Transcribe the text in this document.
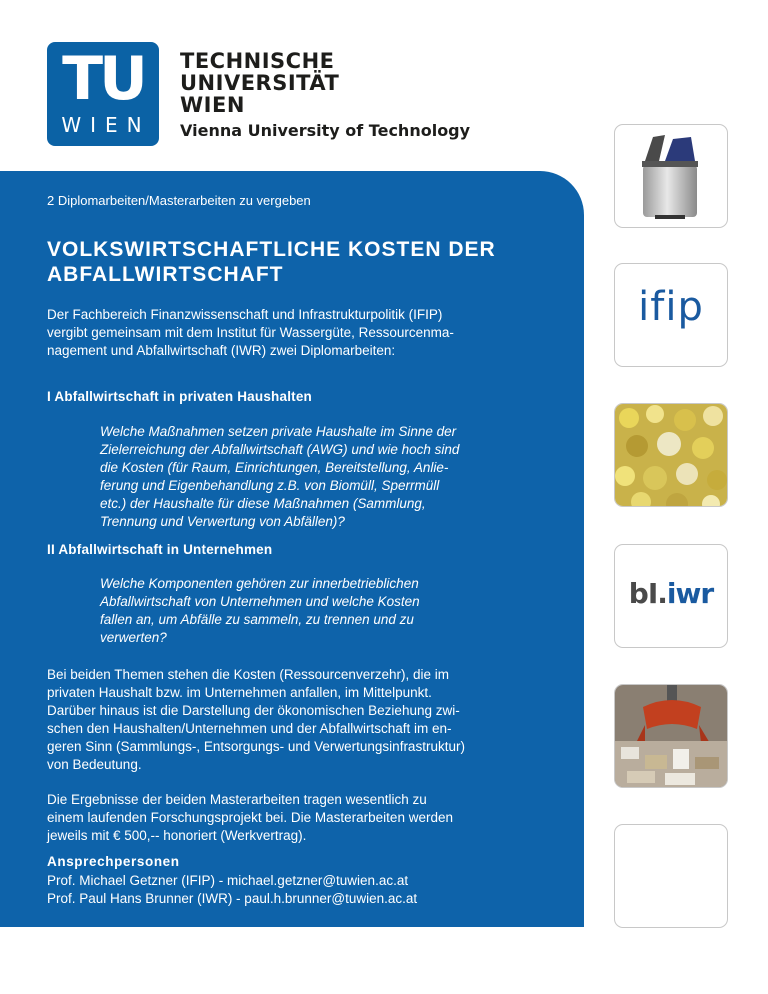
TU
WIEN
TECHNISCHE
UNIVERSITÄT
WIEN
Vienna University of Technology
2 Diplomarbeiten/Masterarbeiten zu vergeben
VOLKSWIRTSCHAFTLICHE KOSTEN DER
ABFALLWIRTSCHAFT
Der Fachbereich Finanzwissenschaft und Infrastrukturpolitik (IFIP)
vergibt gemeinsam mit dem Institut für Wassergüte, Ressourcenma-
nagement und Abfallwirtschaft (IWR) zwei Diplomarbeiten:
I Abfallwirtschaft in privaten Haushalten
Welche Maßnahmen setzen private Haushalte im Sinne der
Zielerreichung der Abfallwirtschaft (AWG) und wie hoch sind
die Kosten (für Raum, Einrichtungen, Bereitstellung, Anlie-
ferung und Eigenbehandlung z.B. von Biomüll, Sperrmüll
etc.) der Haushalte für diese Maßnahmen (Sammlung,
Trennung und Verwertung von Abfällen)?
II Abfallwirtschaft in Unternehmen
Welche Komponenten gehören zur innerbetrieblichen
Abfallwirtschaft von Unternehmen und welche Kosten
fallen an, um Abfälle zu sammeln, zu trennen und zu
verwerten?
Bei beiden Themen stehen die Kosten (Ressourcenverzehr), die im
privaten Haushalt bzw. im Unternehmen anfallen, im Mittelpunkt.
Darüber hinaus ist die Darstellung der ökonomischen Beziehung zwi-
schen den Haushalten/Unternehmen und der Abfallwirtschaft im en-
geren Sinn (Sammlungs-, Entsorgungs- und Verwertungsinfrastruktur)
von Bedeutung.
Die Ergebnisse der beiden Masterarbeiten tragen wesentlich zu
einem laufenden Forschungsprojekt bei. Die Masterarbeiten werden
jeweils mit € 500,-- honoriert (Werkvertrag).
Ansprechpersonen
Prof. Michael Getzner (IFIP) - michael.getzner@tuwien.ac.at
Prof. Paul Hans Brunner (IWR) - paul.h.brunner@tuwien.ac.at
ifip
bI.iwr
